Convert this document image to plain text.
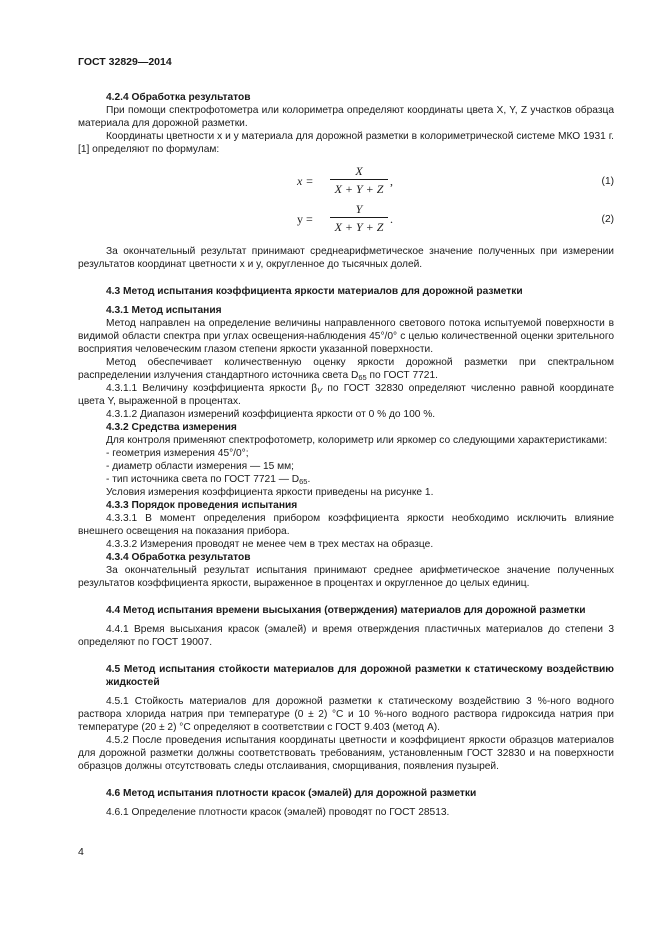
ГОСТ 32829—2014

4.2.4 Обработка результатов

При помощи спектрофотометра или колориметра определяют координаты цвета X, Y, Z участков образца материала для дорожной разметки.

Координаты цветности x и y материала для дорожной разметки в колориметрической системе МКО 1931 г. [1] определяют по формулам:

x =
X
X + Y + Z
,	(1)
y =
Y
X + Y + Z
.	(2)

За окончательный результат принимают среднеарифметическое значение полученных при измерении результатов координат цветности x и y, округленное до тысячных долей.

4.3 Метод испытания коэффициента яркости материалов для дорожной разметки

4.3.1 Метод испытания

Метод направлен на определение величины направленного светового потока испытуемой поверхности в видимой области спектра при углах освещения-наблюдения 45°/0° с целью количественной оценки зрительного восприятия человеческим глазом степени яркости указанной поверхности.

Метод обеспечивает количественную оценку яркости дорожной разметки при спектральном распределении излучения стандартного источника света $D_{65}$ по ГОСТ 7721.

4.3.1.1 Величину коэффициента яркости $\beta_V$ по ГОСТ 32830 определяют численно равной координате цвета Y, выраженной в процентах.

4.3.1.2 Диапазон измерений коэффициента яркости от 0 % до 100 %.

4.3.2 Средства измерения

Для контроля применяют спектрофотометр, колориметр или яркомер со следующими характеристиками:

- геометрия измерения 45°/0°;

- диаметр области измерения — 15 мм;

- тип источника света по ГОСТ 7721 — $D_{65}$.

Условия измерения коэффициента яркости приведены на рисунке 1.

4.3.3 Порядок проведения испытания

4.3.3.1 В момент определения прибором коэффициента яркости необходимо исключить влияние внешнего освещения на показания прибора.

4.3.3.2 Измерения проводят не менее чем в трех местах на образце.

4.3.4 Обработка результатов

За окончательный результат испытания принимают среднее арифметическое значение полученных результатов коэффициента яркости, выраженное в процентах и округленное до целых единиц.

4.4 Метод испытания времени высыхания (отверждения) материалов для дорожной разметки

4.4.1 Время высыхания красок (эмалей) и время отверждения пластичных материалов до степени 3 определяют по ГОСТ 19007.

4.5 Метод испытания стойкости материалов для дорожной разметки к статическому воздействию жидкостей

4.5.1 Стойкость материалов для дорожной разметки к статическому воздействию 3 %-ного водного раствора хлорида натрия при температуре (0 ± 2) °С и 10 %-ного водного раствора гидроксида натрия при температуре (20 ± 2) °С определяют в соответствии с ГОСТ 9.403 (метод А).

4.5.2 После проведения испытания координаты цветности и коэффициент яркости образцов материалов для дорожной разметки должны соответствовать требованиям, установленным ГОСТ 32830 и на поверхности образцов должны отсутствовать следы отслаивания, сморщивания, появления пузырей.

4.6 Метод испытания плотности красок (эмалей) для дорожной разметки

4.6.1 Определение плотности красок (эмалей) проводят по ГОСТ 28513.

4
